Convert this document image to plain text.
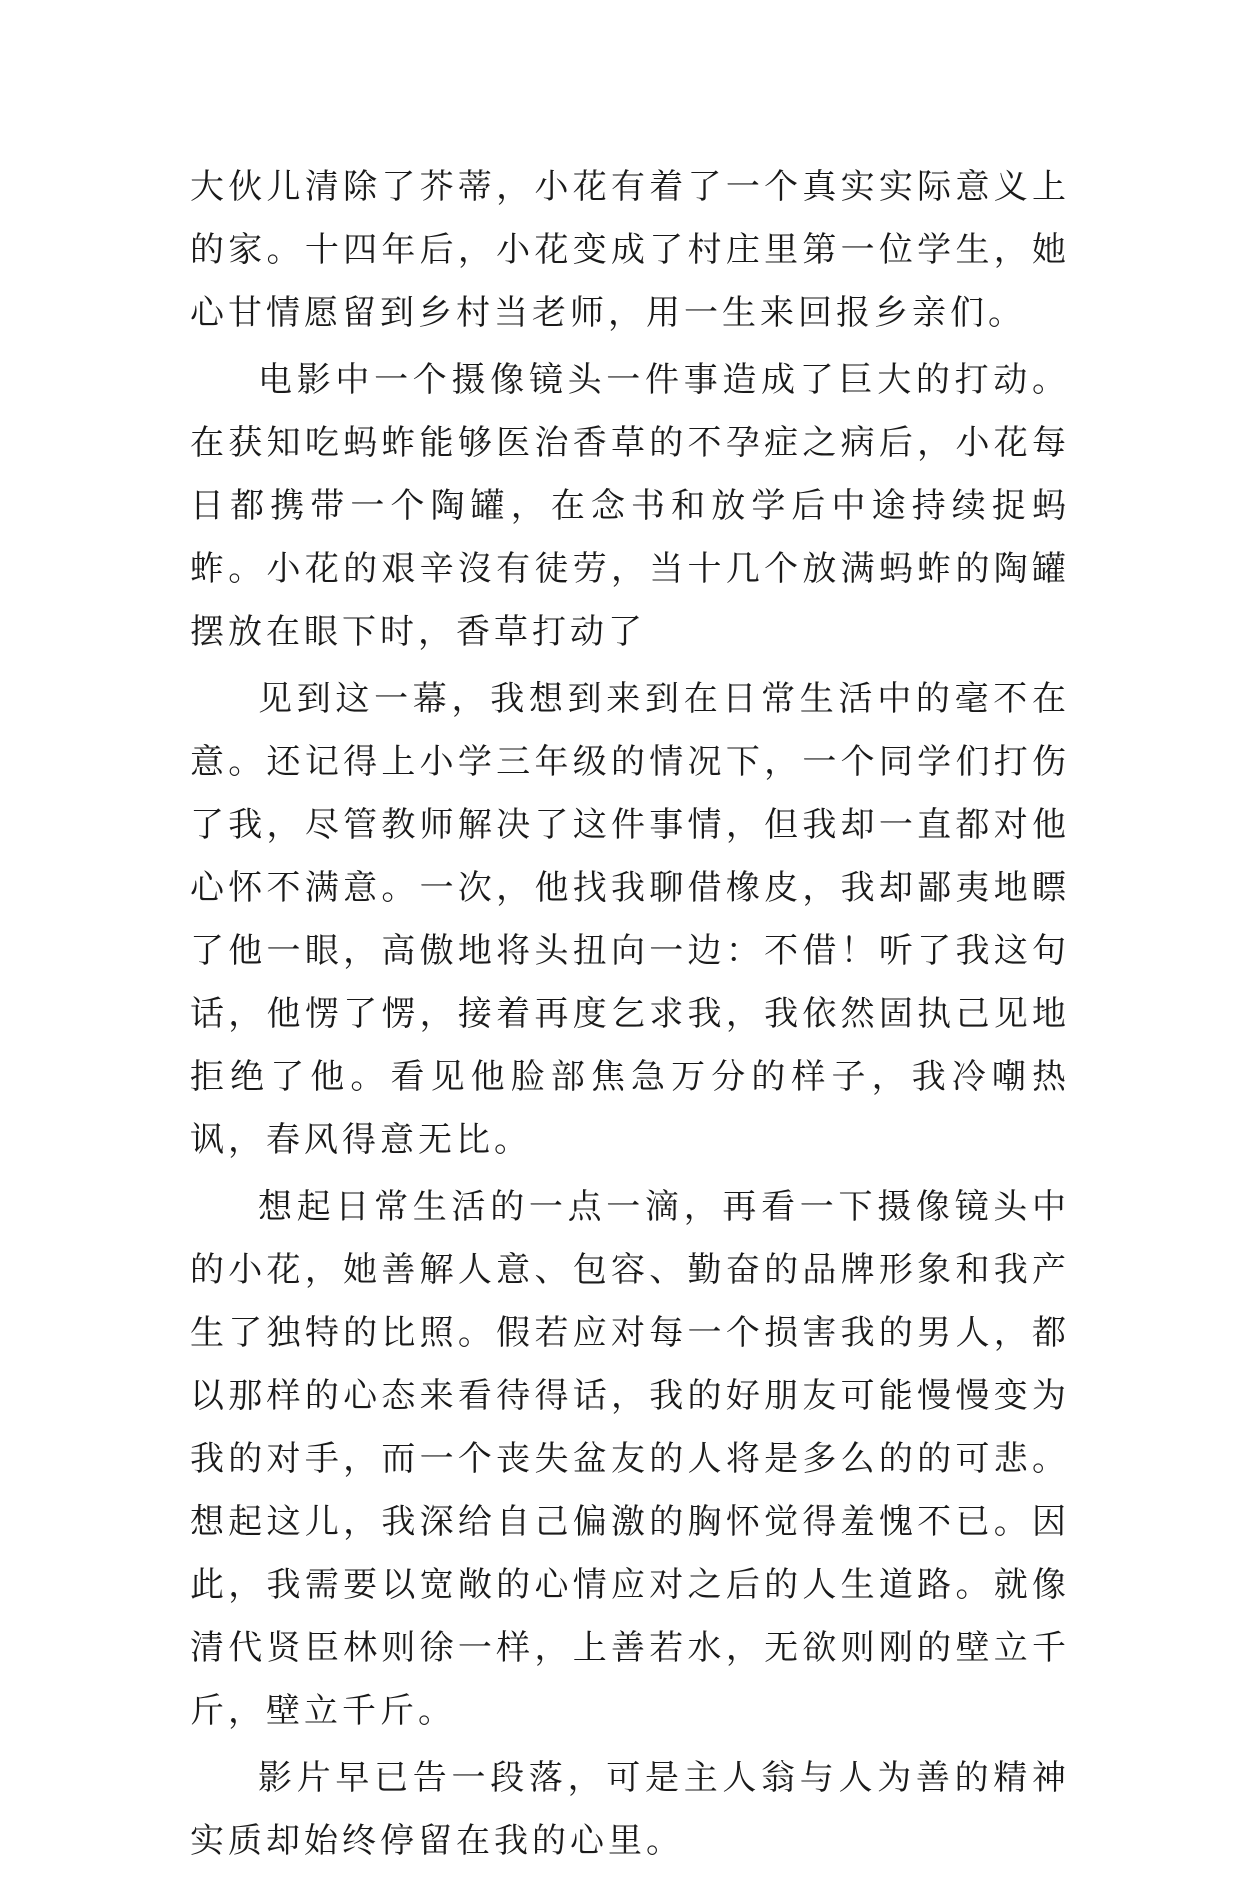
大伙儿清除了芥蒂，小花有着了一个真实实际意义上的家。十四年后，小花变成了村庄里第一位学生，她心甘情愿留到乡村当老师，用一生来回报乡亲们。

电影中一个摄像镜头一件事造成了巨大的打动。在获知吃蚂蚱能够医治香草的不孕症之病后，小花每日都携带一个陶罐，在念书和放学后中途持续捉蚂蚱。小花的艰辛沒有徒劳，当十几个放满蚂蚱的陶罐摆放在眼下时，香草打动了

见到这一幕，我想到来到在日常生活中的毫不在意。还记得上小学三年级的情况下，一个同学们打伤了我，尽管教师解决了这件事情，但我却一直都对他心怀不满意。一次，他找我聊借橡皮，我却鄙夷地瞟了他一眼，高傲地将头扭向一边：不借！听了我这句话，他愣了愣，接着再度乞求我，我依然固执己见地拒绝了他。看见他脸部焦急万分的样子，我冷嘲热讽，春风得意无比。

想起日常生活的一点一滴，再看一下摄像镜头中的小花，她善解人意、包容、勤奋的品牌形象和我产生了独特的比照。假若应对每一个损害我的男人，都以那样的心态来看待得话，我的好朋友可能慢慢变为我的对手，而一个丧失盆友的人将是多么的的可悲。想起这儿，我深给自己偏激的胸怀觉得羞愧不已。因此，我需要以宽敞的心情应对之后的人生道路。就像清代贤臣林则徐一样，上善若水，无欲则刚的壁立千斤，壁立千斤。

影片早已告一段落，可是主人翁与人为善的精神实质却始终停留在我的心里。
